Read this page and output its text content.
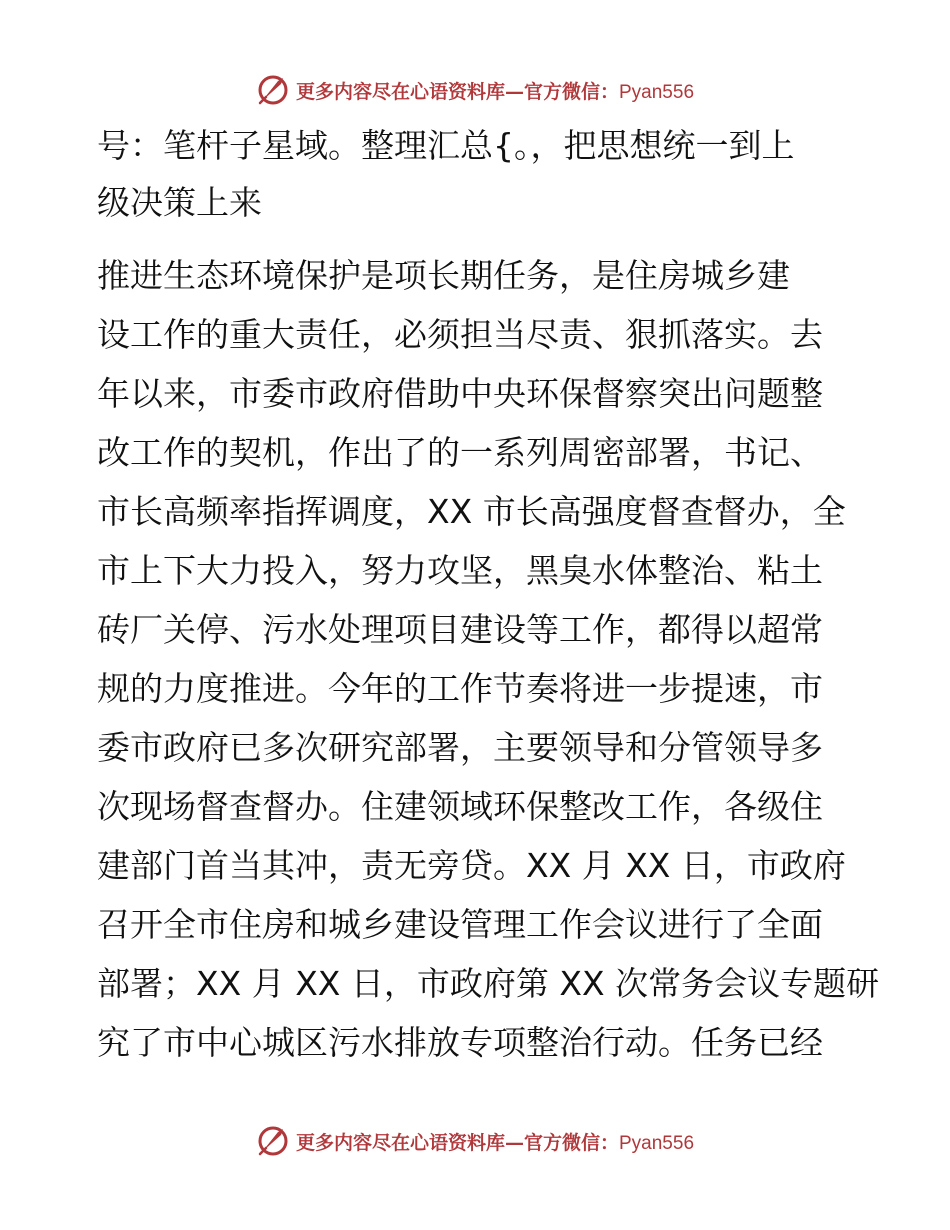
更多内容尽在心语资料库—官方微信：Pyan556
号：笔杆子星域。整理汇总{。，把思想统一到上
级决策上来
推进生态环境保护是项长期任务，是住房城乡建
设工作的重大责任，必须担当尽责、狠抓落实。去
年以来，市委市政府借助中央环保督察突出问题整
改工作的契机，作出了的一系列周密部署，书记、
市长高频率指挥调度，XX 市长高强度督查督办，全
市上下大力投入，努力攻坚，黑臭水体整治、粘土
砖厂关停、污水处理项目建设等工作，都得以超常
规的力度推进。今年的工作节奏将进一步提速，市
委市政府已多次研究部署，主要领导和分管领导多
次现场督查督办。住建领域环保整改工作，各级住
建部门首当其冲，责无旁贷。XX 月 XX 日，市政府
召开全市住房和城乡建设管理工作会议进行了全面
部署；XX 月 XX 日，市政府第 XX 次常务会议专题研
究了市中心城区污水排放专项整治行动。任务已经
更多内容尽在心语资料库—官方微信：Pyan556
